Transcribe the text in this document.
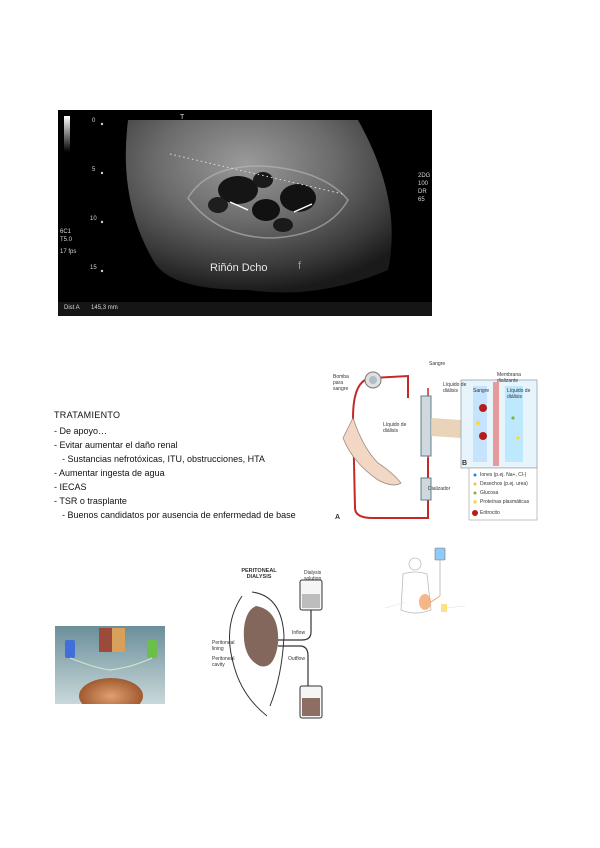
T
0
5
10
15
6C1
T5.0
17 fps
2DG
100
DR
65
Riñón Dcho	f
Dist A 145,3 mm
TRATAMIENTO
- De apoyo…
- Evitar aumentar el daño renal
- Sustancias nefrotóxicas, ITU, obstrucciones, HTA
- Aumentar ingesta de agua
- IECAS
- TSR o trasplante
- Buenos candidatos por ausencia de enfermedad de base
Bomba para sangre
Sangre
Líquido de diálisis
Líquido de diálisis
Membrana dializante
Sangre	Líquido de diálisis
Dializador
A
B
Iones (p.ej. Na+, Cl-)
Desechos (p.ej. urea)
Glucosa
Proteínas plasmáticas
Eritrocito
PERITONEAL DIALYSIS
Dialysis solution
Peritoneal lining
Peritoneal cavity
Inflow
Outflow
